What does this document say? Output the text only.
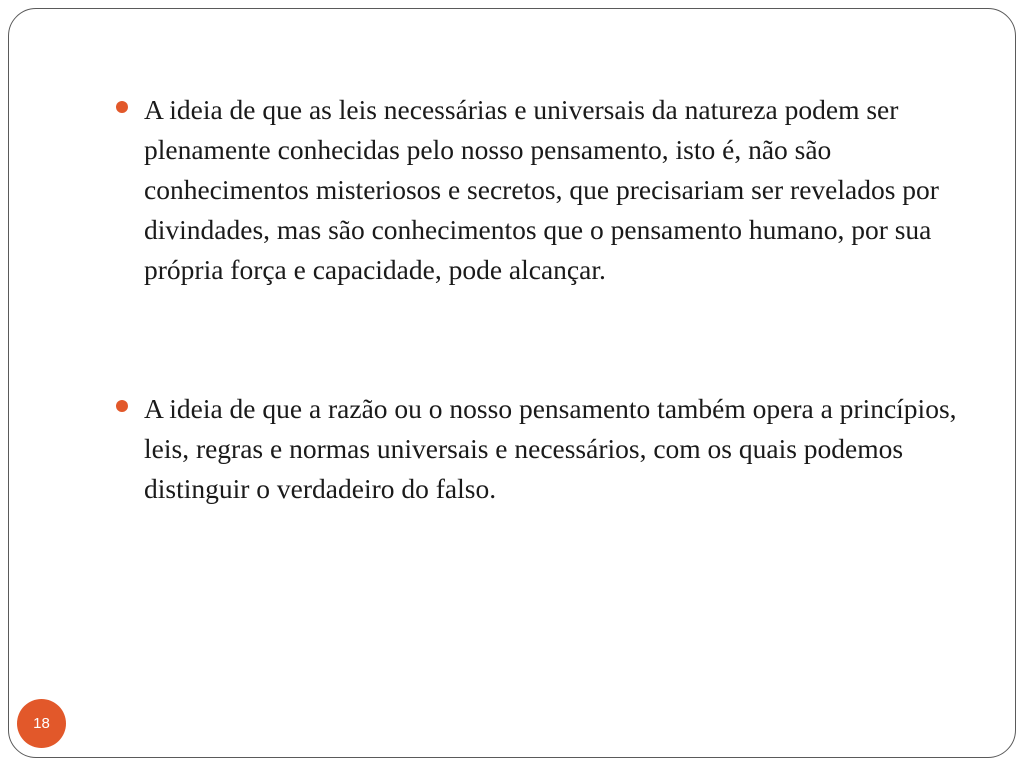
A ideia de que as leis necessárias e universais da natureza podem ser plenamente conhecidas pelo nosso pensamento, isto é, não são conhecimentos misteriosos e secretos, que precisariam ser revelados por divindades, mas são conhecimentos que o pensamento humano, por sua própria força e capacidade, pode alcançar.
A ideia de que a razão ou o nosso pensamento também opera a princípios, leis, regras e normas universais e necessários, com os quais podemos distinguir o verdadeiro do falso.
18
